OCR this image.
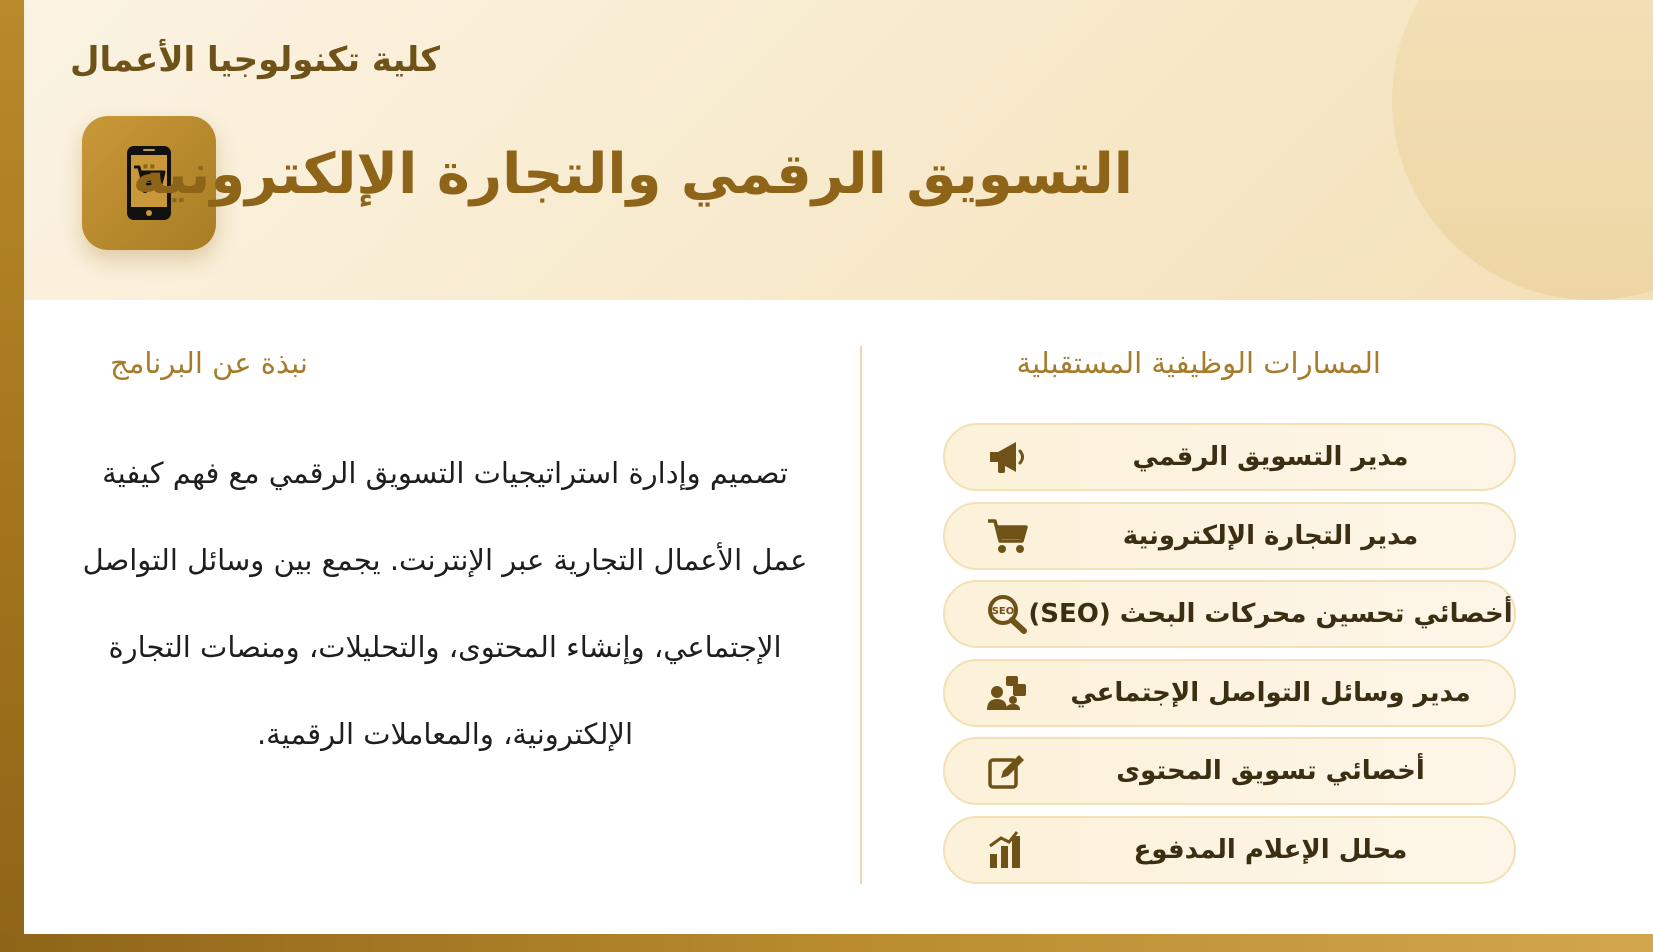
كلية تكنولوجيا الأعمال
التسويق الرقمي والتجارة الإلكترونية
المسارات الوظيفية المستقبلية
نبذة عن البرنامج

تصميم وإدارة استراتيجيات التسويق الرقمي مع فهم كيفية عمل الأعمال التجارية عبر الإنترنت. يجمع بين وسائل التواصل الإجتماعي، وإنشاء المحتوى، والتحليلات، ومنصات التجارة الإلكترونية، والمعاملات الرقمية.

مدير التسويق الرقمي
مدير التجارة الإلكترونية
SEO أخصائي تحسين محركات البحث (SEO)
مدير وسائل التواصل الإجتماعي
أخصائي تسويق المحتوى
محلل الإعلام المدفوع
